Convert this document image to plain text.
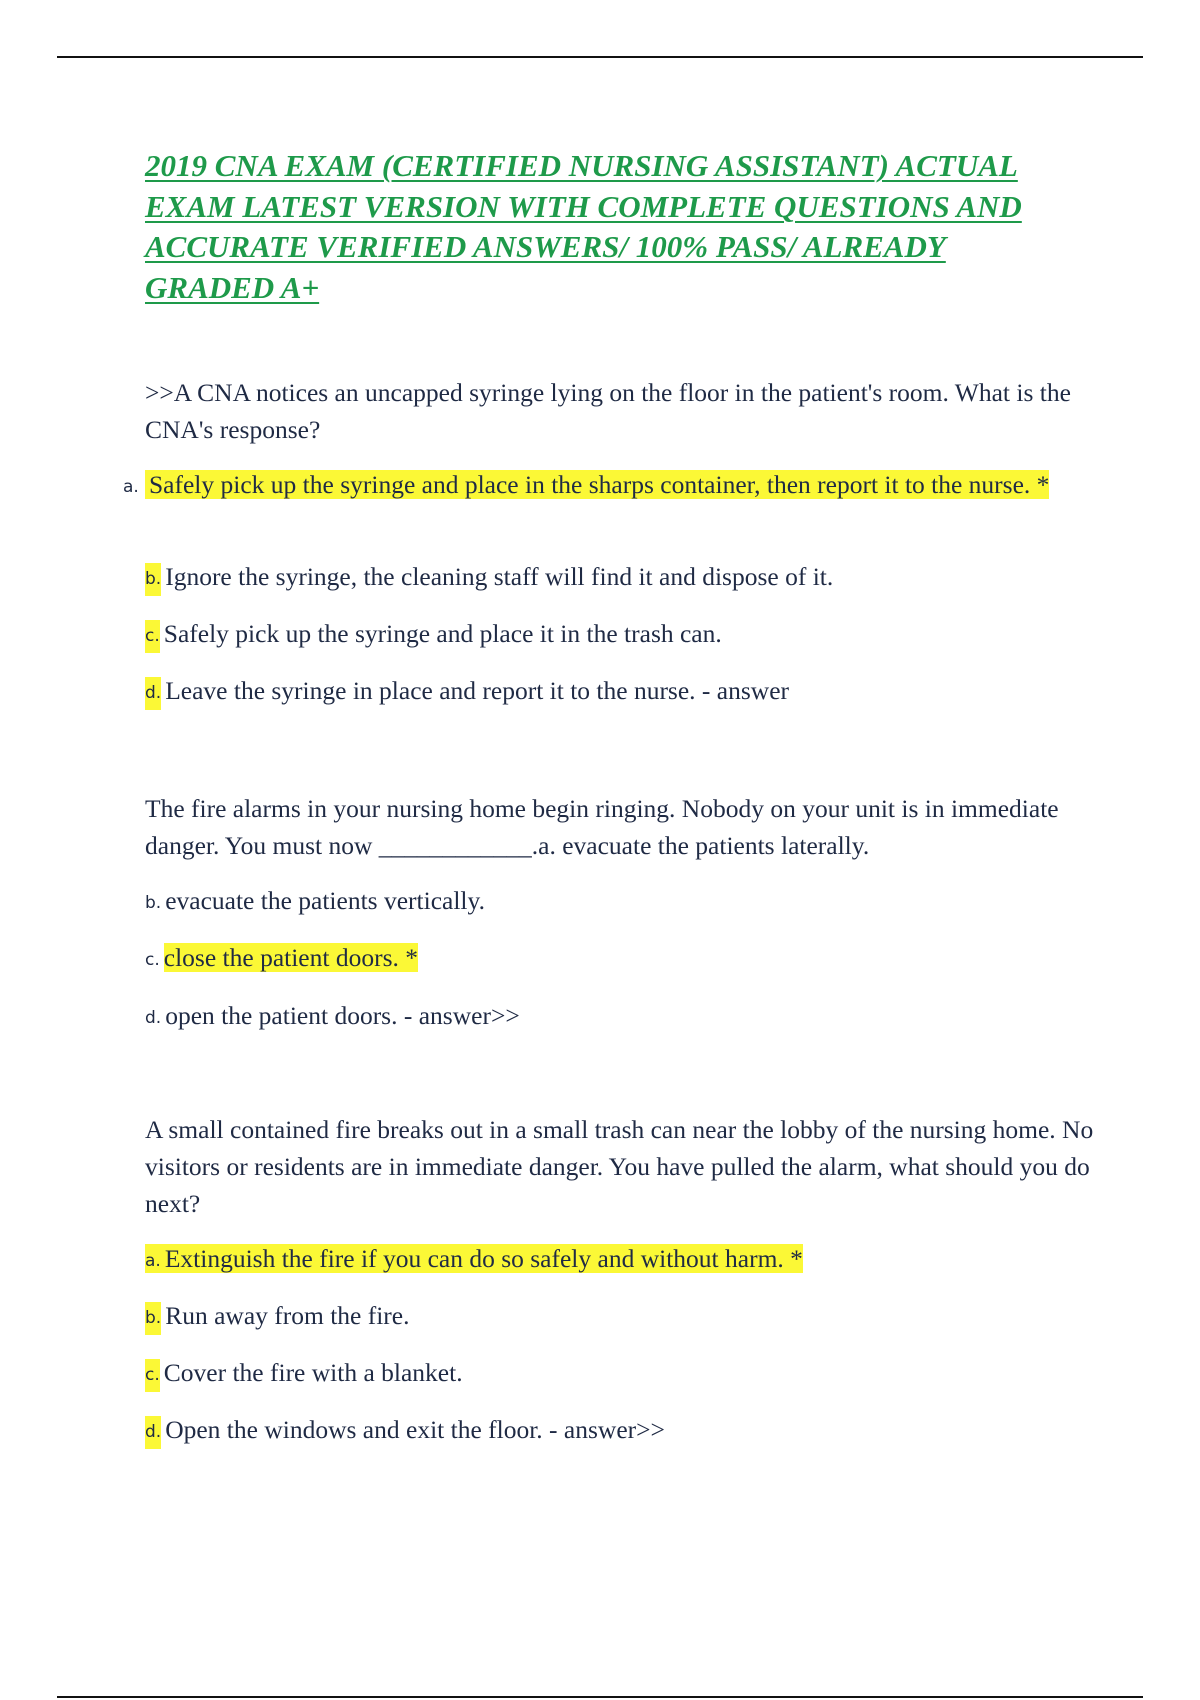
2019 CNA EXAM (CERTIFIED NURSING ASSISTANT) ACTUAL EXAM LATEST VERSION WITH COMPLETE QUESTIONS AND ACCURATE VERIFIED ANSWERS/ 100% PASS/ ALREADY GRADED A+

>>A CNA notices an uncapped syringe lying on the floor in the patient's room. What is the CNA's response?

a. Safely pick up the syringe and place in the sharps container, then report it to the nurse. *
b. Ignore the syringe, the cleaning staff will find it and dispose of it.
c. Safely pick up the syringe and place it in the trash can.
d. Leave the syringe in place and report it to the nurse. - answer

The fire alarms in your nursing home begin ringing. Nobody on your unit is in immediate danger. You must now ____________.a. evacuate the patients laterally.

b. evacuate the patients vertically.
c. close the patient doors. *
d. open the patient doors. - answer>>

A small contained fire breaks out in a small trash can near the lobby of the nursing home. No visitors or residents are in immediate danger. You have pulled the alarm, what should you do next?

a. Extinguish the fire if you can do so safely and without harm. *
b. Run away from the fire.
c. Cover the fire with a blanket.
d. Open the windows and exit the floor. - answer>>
